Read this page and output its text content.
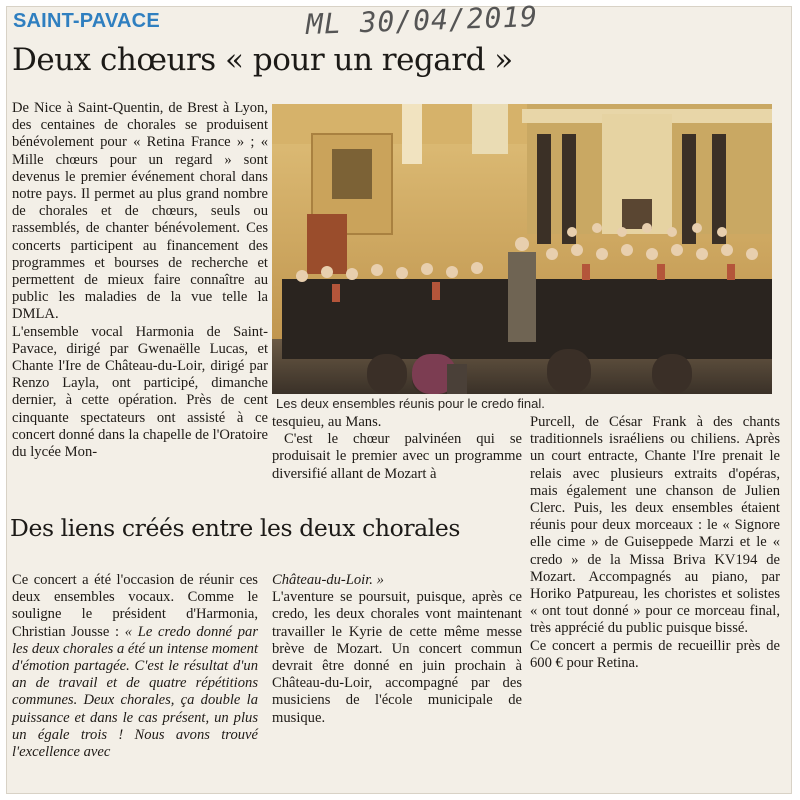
SAINT-PAVACE	ML 30/04/2019
Deux chœurs « pour un regard »

De Nice à Saint-Quentin, de Brest à Lyon, des centaines de chorales se produisent bénévolement pour « Retina France » ; « Mille chœurs pour un regard » sont devenus le premier événement choral dans notre pays. Il permet au plus grand nombre de chorales et de chœurs, seuls ou rassemblés, de chanter bénévolement. Ces concerts participent au financement des programmes et bourses de recherche et permettent de mieux faire connaître au public les maladies de la vue telle la DMLA.

L'ensemble vocal Harmonia de Saint-Pavace, dirigé par Gwenaëlle Lucas, et Chante l'Ire de Château-du-Loir, dirigé par Renzo Layla, ont participé, dimanche dernier, à cette opération. Près de cent cinquante spectateurs ont assisté à ce concert donné dans la chapelle de l'Oratoire du lycée Mon-

Les deux ensembles réunis pour le credo final.

tesquieu, au Mans.

C'est le chœur palvinéen qui se produisait le premier avec un programme diversifié allant de Mozart à

Purcell, de César Frank à des chants traditionnels israéliens ou chiliens. Après un court entracte, Chante l'Ire prenait le relais avec plusieurs extraits d'opéras, mais également une chanson de Julien Clerc. Puis, les deux ensembles étaient réunis pour deux morceaux : le « Signore elle cime » de Guiseppede Marzi et le « credo » de la Missa Briva KV194 de Mozart. Accompagnés au piano, par Horiko Patpureau, les choristes et solistes « ont tout donné » pour ce morceau final, très apprécié du public puisque bissé.

Ce concert a permis de recueillir près de 600 € pour Retina.

Des liens créés entre les deux chorales

Ce concert a été l'occasion de réunir ces deux ensembles vocaux. Comme le souligne le président d'Harmonia, Christian Jousse : « Le credo donné par les deux chorales a été un intense moment d'émotion partagée. C'est le résultat d'un an de travail et de quatre répétitions communes. Deux chorales, ça double la puissance et dans le cas présent, un plus un égale trois ! Nous avons trouvé l'excellence avec

Château-du-Loir. »

L'aventure se poursuit, puisque, après ce credo, les deux chorales vont maintenant travailler le Kyrie de cette même messe brève de Mozart. Un concert commun devrait être donné en juin prochain à Château-du-Loir, accompagné par des musiciens de l'école municipale de musique.
